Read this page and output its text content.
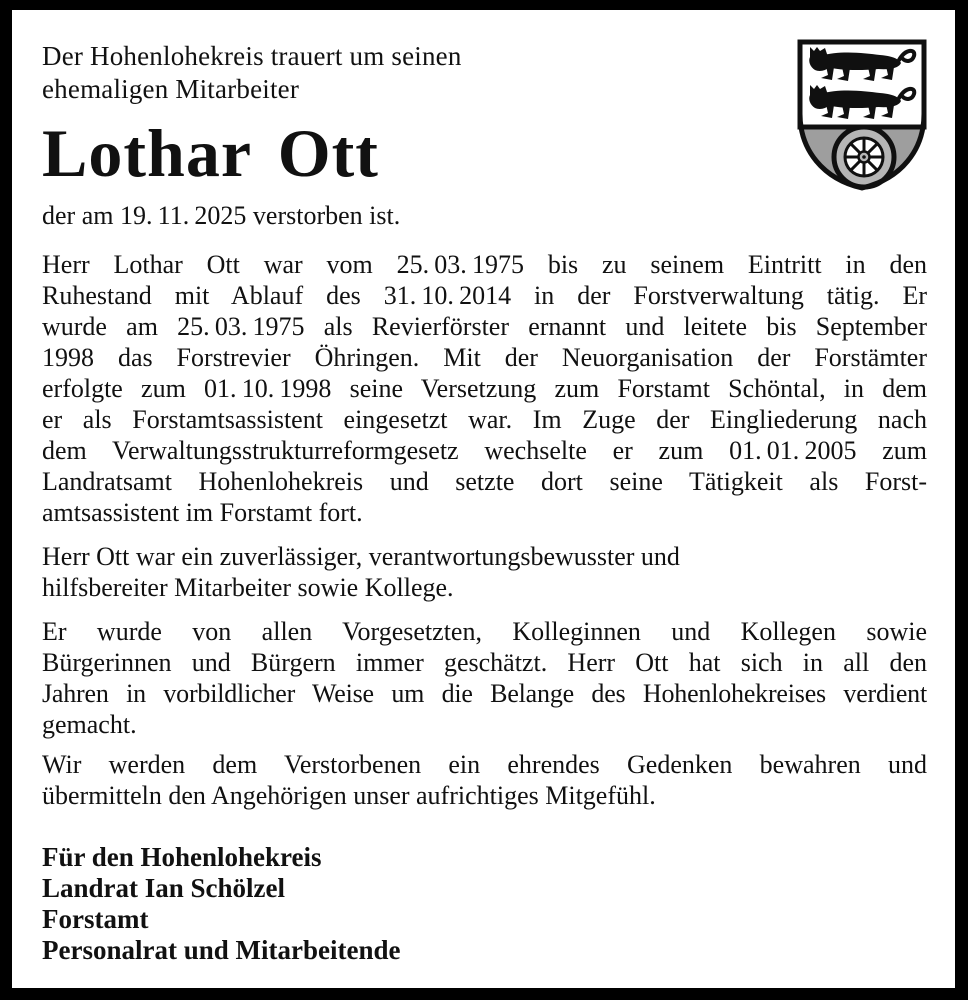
Der Hohenlohekreis trauert um seinen
ehemaligen Mitarbeiter
Lothar Ott
der am 19. 11. 2025 verstorben ist.
Herr Lothar Ott war vom 25. 03. 1975 bis zu seinem Eintritt in den
Ruhestand mit Ablauf des 31. 10. 2014 in der Forstverwaltung tätig. Er
wurde am 25. 03. 1975 als Revierförster ernannt und leitete bis September
1998 das Forstrevier Öhringen. Mit der Neuorganisation der Forstämter
erfolgte zum 01. 10. 1998 seine Versetzung zum Forstamt Schöntal, in dem
er als Forstamtsassistent eingesetzt war. Im Zuge der Eingliederung nach
dem Verwaltungsstrukturreformgesetz wechselte er zum 01. 01. 2005 zum
Landratsamt Hohenlohekreis und setzte dort seine Tätigkeit als Forst-
amtsassistent im Forstamt fort.
Herr Ott war ein zuverlässiger, verantwortungsbewusster und
hilfsbereiter Mitarbeiter sowie Kollege.
Er wurde von allen Vorgesetzten, Kolleginnen und Kollegen sowie
Bürgerinnen und Bürgern immer geschätzt. Herr Ott hat sich in all den
Jahren in vorbildlicher Weise um die Belange des Hohenlohekreises verdient
gemacht.
Wir werden dem Verstorbenen ein ehrendes Gedenken bewahren und
übermitteln den Angehörigen unser aufrichtiges Mitgefühl.
Für den Hohenlohekreis
Landrat Ian Schölzel
Forstamt
Personalrat und Mitarbeitende
